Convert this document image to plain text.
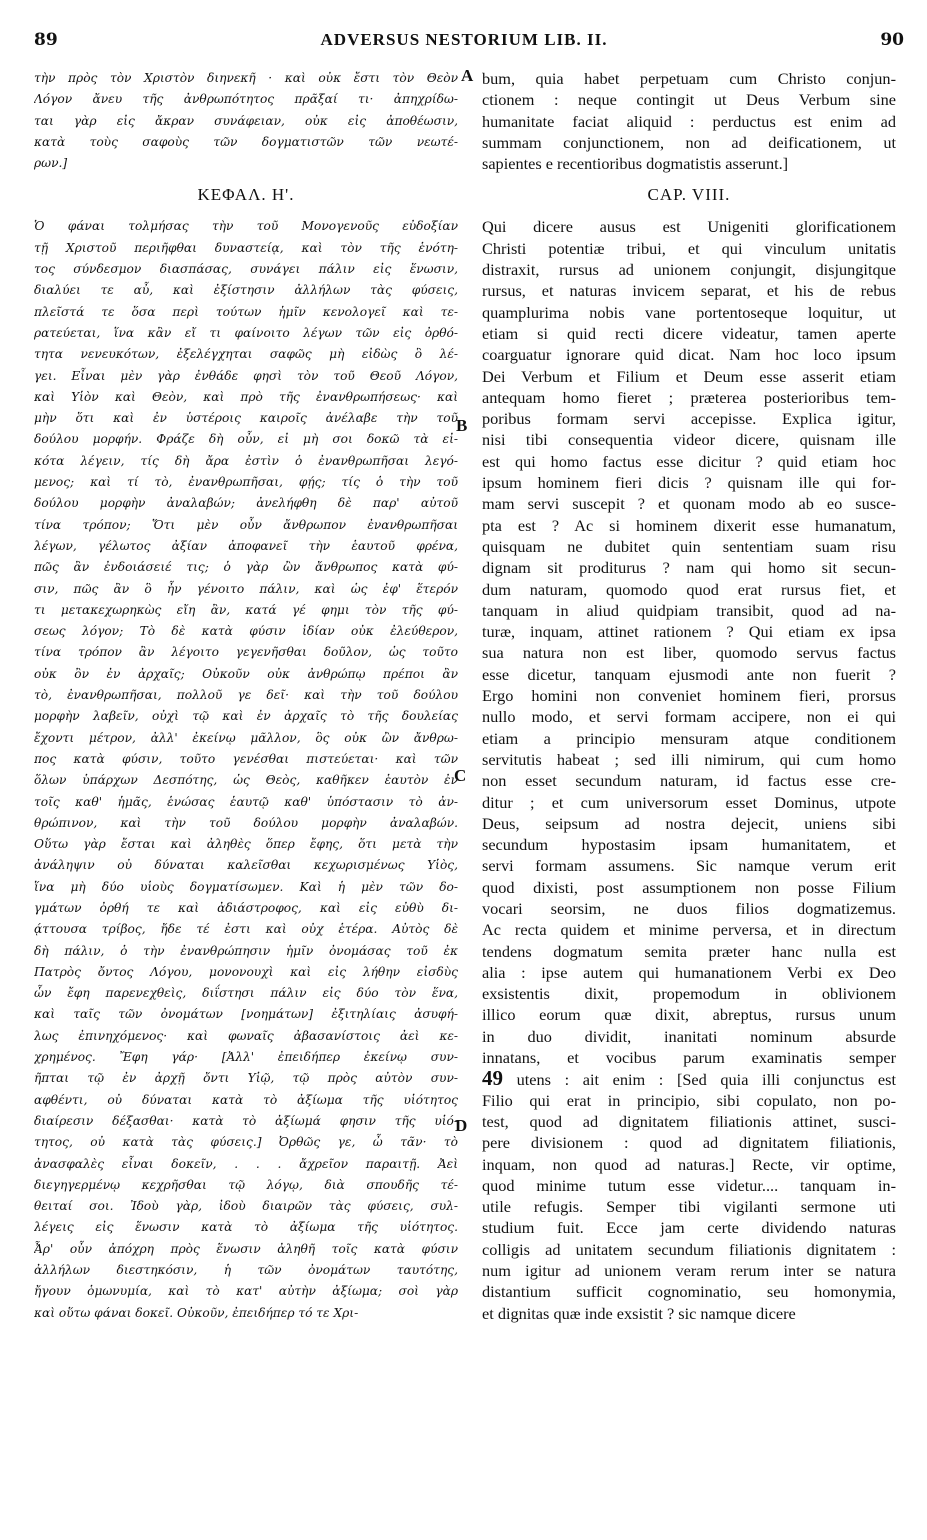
89	ADVERSUS NESTORIUM LIB. II.	90
τὴν πρὸς τὸν Χριστὸν διηνεκῆ · καὶ οὐκ ἔστι τὸν Θεὸν
Λόγον ἄνευ τῆς ἀνθρωπότητος πρᾶξαί τι· ἀπηχρίδω-
ται γὰρ εἰς ἄκραν συνάφειαν, οὐκ εἰς ἀποθέωσιν,
κατὰ τοὺς σαφοὺς τῶν δογματιστῶν τῶν νεωτέ-
ρων.]
ΚΕΦΑΛ. Η'.
Ὁ φάναι τολμήσας τὴν τοῦ Μονογενοῦς εὐδοξίαν
τῇ Χριστοῦ περιῆφθαι δυναστείᾳ, καὶ τὸν τῆς ἑνότη-
τος σύνδεσμον διασπάσας, συνάγει πάλιν εἰς ἕνωσιν,
διαλύει τε αὖ, καὶ ἐξίστησιν ἀλλήλων τὰς φύσεις,
πλεῖστά τε ὅσα περὶ τούτων ἡμῖν κενολογεῖ καὶ τε-
ρατεύεται, ἵνα κἂν εἴ τι φαίνοιτο λέγων τῶν εἰς ὀρθό-
τητα νενευκότων, ἐξελέγχηται σαφῶς μὴ εἰδὼς ὃ λέ-
γει. Εἶναι μὲν γὰρ ἐνθάδε φησὶ τὸν τοῦ Θεοῦ Λόγον,
καὶ Υἱὸν καὶ Θεὸν, καὶ πρὸ τῆς ἐνανθρωπήσεως· καὶ
μὴν ὅτι καὶ ἐν ὑστέροις καιροῖς ἀνέλαβε τὴν τοῦ
δούλου μορφήν. Φράζε δὴ οὖν, εἰ μὴ σοι δοκῶ τὰ εἰ-
κότα λέγειν, τίς δὴ ἄρα ἐστὶν ὁ ἐνανθρωπῆσαι λεγό-
μενος; καὶ τί τὸ, ἐνανθρωπῆσαι, φῄς; τίς ὁ τὴν τοῦ
δούλου μορφὴν ἀναλαβών; ἀνελήφθη δὲ παρ' αὐτοῦ
τίνα τρόπον; Ὅτι μὲν οὖν ἄνθρωπον ἐνανθρωπῆσαι
λέγων, γέλωτος ἀξίαν ἀποφανεῖ τὴν ἑαυτοῦ φρένα,
πῶς ἂν ἐνδοιάσειέ τις; ὁ γὰρ ὢν ἄνθρωπος κατὰ φύ-
σιν, πῶς ἂν ὃ ἦν γένοιτο πάλιν, καὶ ὡς ἐφ' ἕτερόν
τι μετακεχωρηκὼς εἴη ἂν, κατά γέ φημι τὸν τῆς φύ-
σεως λόγον; Τὸ δὲ κατὰ φύσιν ἰδίαν οὐκ ἐλεύθερον,
τίνα τρόπον ἂν λέγοιτο γεγενῆσθαι δοῦλον, ὡς τοῦτο
οὐκ ὂν ἐν ἀρχαῖς; Οὐκοῦν οὐκ ἀνθρώπῳ πρέποι ἂν
τὸ, ἐνανθρωπῆσαι, πολλοῦ γε δεῖ· καὶ τὴν τοῦ δούλου
μορφὴν λαβεῖν, οὐχὶ τῷ καὶ ἐν ἀρχαῖς τὸ τῆς δουλείας
ἔχοντι μέτρον, ἀλλ' ἐκείνῳ μᾶλλον, ὃς οὐκ ὢν ἄνθρω-
πος κατὰ φύσιν, τοῦτο γενέσθαι πιστεύεται· καὶ τῶν
ὅλων ὑπάρχων Δεσπότης, ὡς Θεὸς, καθῆκεν ἑαυτὸν ἐν
τοῖς καθ' ἡμᾶς, ἑνώσας ἑαυτῷ καθ' ὑπόστασιν τὸ ἀν-
θρώπινον, καὶ τὴν τοῦ δούλου μορφὴν ἀναλαβών.
Οὕτω γὰρ ἔσται καὶ ἀληθὲς ὅπερ ἔφης, ὅτι μετὰ τὴν
ἀνάληψιν οὐ δύναται καλεῖσθαι κεχωρισμένως Υἱὸς,
ἵνα μὴ δύο υἱοὺς δογματίσωμεν. Καὶ ἡ μὲν τῶν δο-
γμάτων ὀρθή τε καὶ ἀδιάστροφος, καὶ εἰς εὐθὺ δι-
ᾴττουσα τρίβος, ἤδε τέ ἐστι καὶ οὐχ ἑτέρα. Αὐτὸς δὲ
δὴ πάλιν, ὁ τὴν ἐνανθρώπησιν ἡμῖν ὀνομάσας τοῦ ἐκ
Πατρὸς ὄντος Λόγου, μονονουχὶ καὶ εἰς λήθην εἰσδὺς
ὧν ἔφη παρενεχθεὶς, διΐστησι πάλιν εἰς δύο τὸν ἕνα,
καὶ ταῖς τῶν ὀνομάτων [νοημάτων] ἐξιτηλίαις ἀσυφή-
λως ἐπινηχόμενος· καὶ φωναῖς ἀβασανίστοις ἀεὶ κε-
χρημένος. Ἔφη γάρ· [Ἀλλ' ἐπειδήπερ ἐκείνῳ συν-
ῆπται τῷ ἐν ἀρχῇ ὄντι Υἱῷ, τῷ πρὸς αὐτὸν συν-
αφθέντι, οὐ δύναται κατὰ τὸ ἀξίωμα τῆς υἱότητος
διαίρεσιν δέξασθαι· κατὰ τὸ ἀξίωμά φησιν τῆς υἱό-
τητος, οὐ κατὰ τὰς φύσεις.] Ὀρθῶς γε, ὦ τᾶν· τὸ
ἀνασφαλὲς εἶναι δοκεῖν, . . . ἄχρεῖον παραιτῇ. Ἀεὶ
διεγηγερμένῳ κεχρῆσθαι τῷ λόγῳ, διὰ σπουδῆς τέ-
θειταί σοι. Ἰδοὺ γὰρ, ἰδοὺ διαιρῶν τὰς φύσεις, συλ-
λέγεις εἰς ἕνωσιν κατὰ τὸ ἀξίωμα τῆς υἱότητος.
Ἆρ' οὖν ἀπόχρη πρὸς ἕνωσιν ἀληθῆ τοῖς κατὰ φύσιν
ἀλλήλων διεστηκόσιν, ἡ τῶν ὀνομάτων ταυτότης,
ἤγουν ὁμωνυμία, καὶ τὸ κατ' αὐτὴν ἀξίωμα; σοὶ γὰρ
καὶ οὕτω φάναι δοκεῖ. Οὐκοῦν, ἐπειδήπερ τό τε Χρι-
bum, quia habet perpetuam cum Christo conjun-
ctionem : neque contingit ut Deus Verbum sine
humanitate faciat aliquid : perductus est enim ad
summam conjunctionem, non ad deificationem, ut
sapientes e recentioribus dogmatistis asserunt.]
CAP. VIII.
Qui dicere ausus est Unigeniti glorificationem
Christi potentiæ tribui, et qui vinculum unitatis
distraxit, rursus ad unionem conjungit, disjungitque
rursus, et naturas invicem separat, et his de rebus
quamplurima nobis vane portentoseque loquitur, ut
etiam si quid recti dicere videatur, tamen aperte
coarguatur ignorare quid dicat. Nam hoc loco ipsum
Dei Verbum et Filium et Deum esse asserit etiam
antequam homo fieret ; præterea posterioribus tem-
poribus formam servi accepisse. Explica igitur,
nisi tibi consequentia videor dicere, quisnam ille
est qui homo factus esse dicitur ? quid etiam hoc
ipsum hominem fieri dicis ? quisnam ille qui for-
mam servi suscepit ? et quonam modo ab eo susce-
pta est ? Ac si hominem dixerit esse humanatum,
quisquam ne dubitet quin sententiam suam risu
dignam sit proditurus ? nam qui homo sit secun-
dum naturam, quomodo quod erat rursus fiet, et
tanquam in aliud quidpiam transibit, quod ad na-
turæ, inquam, attinet rationem ? Qui etiam ex ipsa
sua natura non est liber, quomodo servus factus
esse dicetur, tanquam ejusmodi ante non fuerit ?
Ergo homini non conveniet hominem fieri, prorsus
nullo modo, et servi formam accipere, non ei qui
etiam a principio mensuram atque conditionem
servitutis habeat ; sed illi nimirum, qui cum homo
non esset secundum naturam, id factus esse cre-
ditur ; et cum universorum esset Dominus, utpote
Deus, seipsum ad nostra dejecit, uniens sibi
secundum hypostasim ipsam humanitatem, et
servi formam assumens. Sic namque verum erit
quod dixisti, post assumptionem non posse Filium
vocari seorsim, ne duos filios dogmatizemus.
Ac recta quidem et minime perversa, et in directum
tendens dogmatum semita præter hanc nulla est
alia : ipse autem qui humanationem Verbi ex Deo
exsistentis dixit, propemodum in oblivionem
illico eorum quæ dixit, abreptus, rursus unum
in duo dividit, inanitati nominum absurde
innatans, et vocibus parum examinatis semper
49 utens : ait enim : [Sed quia illi conjunctus est
Filio qui erat in principio, sibi copulato, non po-
test, quod ad dignitatem filiationis attinet, susci-
pere divisionem : quod ad dignitatem filiationis,
inquam, non quod ad naturas.] Recte, vir optime,
quod minime tutum esse videtur.... tanquam in-
utile refugis. Semper tibi vigilanti sermone uti
studium fuit. Ecce jam certe dividendo naturas
colligis ad unitatem secundum filiationis dignitatem :
num igitur ad unionem veram rerum inter se natura
distantium sufficit cognominatio, seu homonymia,
et dignitas quæ inde exsistit ? sic namque dicere
A
B
C
D
